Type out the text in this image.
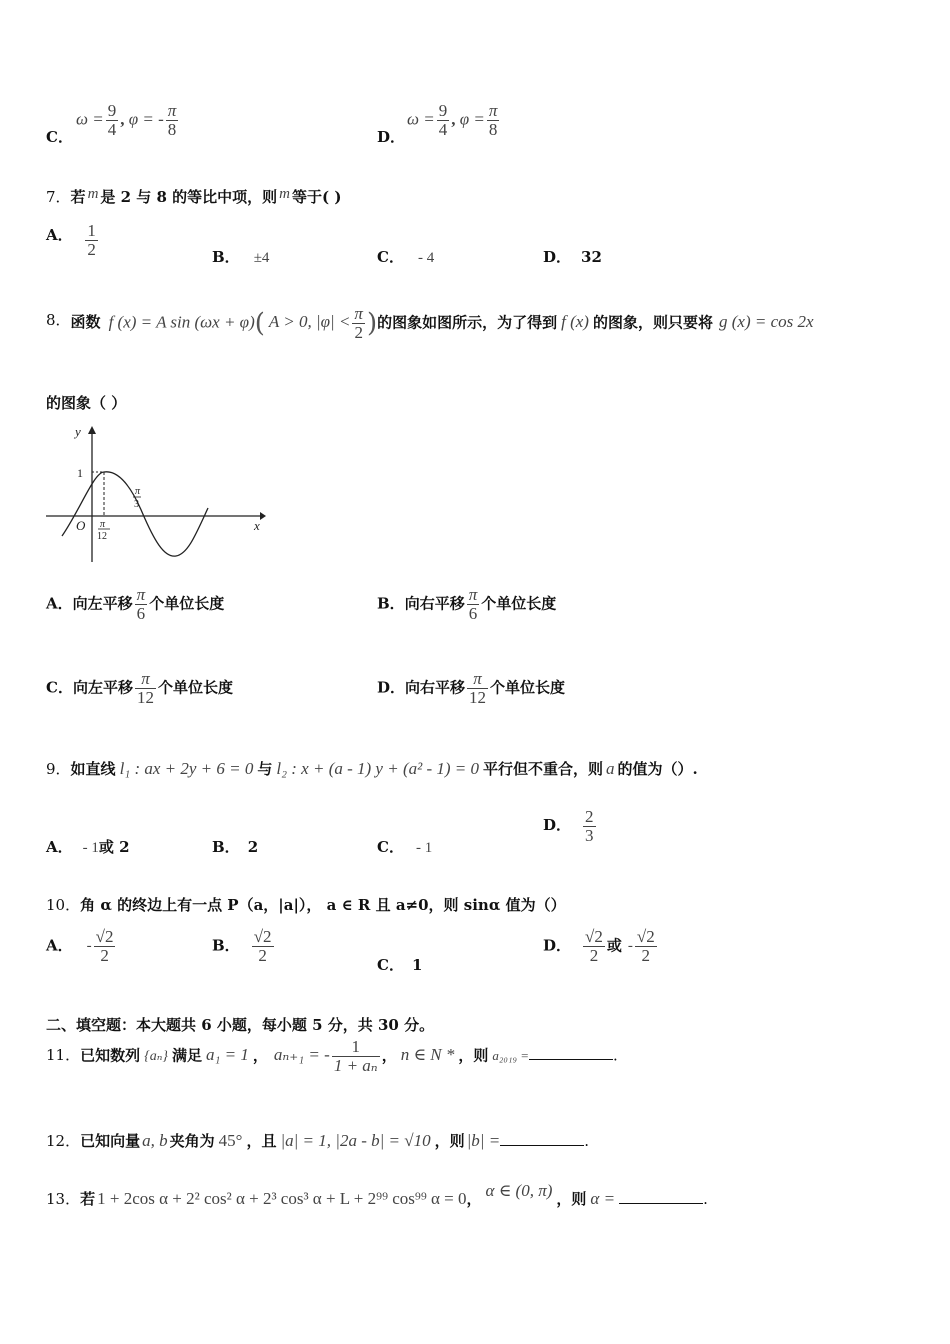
C．
$\omega = \frac{9}{4}$ , φ = - $\frac{\pi}{8}$	D．
$\omega = \frac{9}{4}$ , $\varphi = \frac{\pi}{8}$
7．若 m 是 2 与 8 的等比中项，则 m 等于( )
A． $\frac{1}{2}$	B． ±4	C． - 4	D． 32
8．函数 f (x) = A sin (ωx + φ)( A > 0, $|\varphi| < \frac{\pi}{2}$ )的图象如图所示，为了得到 f (x) 的图象，则只要将 g (x) = cos 2x
的图象（ ）
y
x
O
1
π
12
π
3
A．向左平移 $\frac{\pi}{6}$ 个单位长度	B．向右平移 $\frac{\pi}{6}$ 个单位长度
C．向左平移 $\frac{\pi}{12}$ 个单位长度	D．向右平移 $\frac{\pi}{12}$ 个单位长度
9．如直线 l₁ : ax + 2y + 6 = 0 与 l₂ : x + (a - 1) y + (a² - 1) = 0 平行但不重合，则 a 的值为（）.
A． - 1或 2	B． 2	C． - 1
D． $\frac{2}{3}$
10．角 α 的终边上有一点 P（a，|a|）， a ∈ R 且 a≠0，则 sinα 值为（）
A． - $\frac{√2}{2}$	B． $\frac{√2}{2}$
C． 1
D． $\frac{√2}{2}$ 或 - $\frac{√2}{2}$
二、填空题：本大题共 6 小题，每小题 5 分，共 30 分。
11．已知数列 {aₙ} 满足 a₁ = 1 ， aₙ₊₁ = - $\frac{1}{\text{1 + aₙ}}$ ， n ∈ N * ，则 a₂₀₁₉ =	.
12．已知向量 a, b 夹角为 45° ，且 |a| = 1, |2a - b| = √10 ，则 |b| =	.
13．若 1 + 2cos α + 2² cos² α + 2³ cos³ α + L + 2⁹⁹ cos⁹⁹ α = 0， α ∈ (0, π) ，则 α =	.
